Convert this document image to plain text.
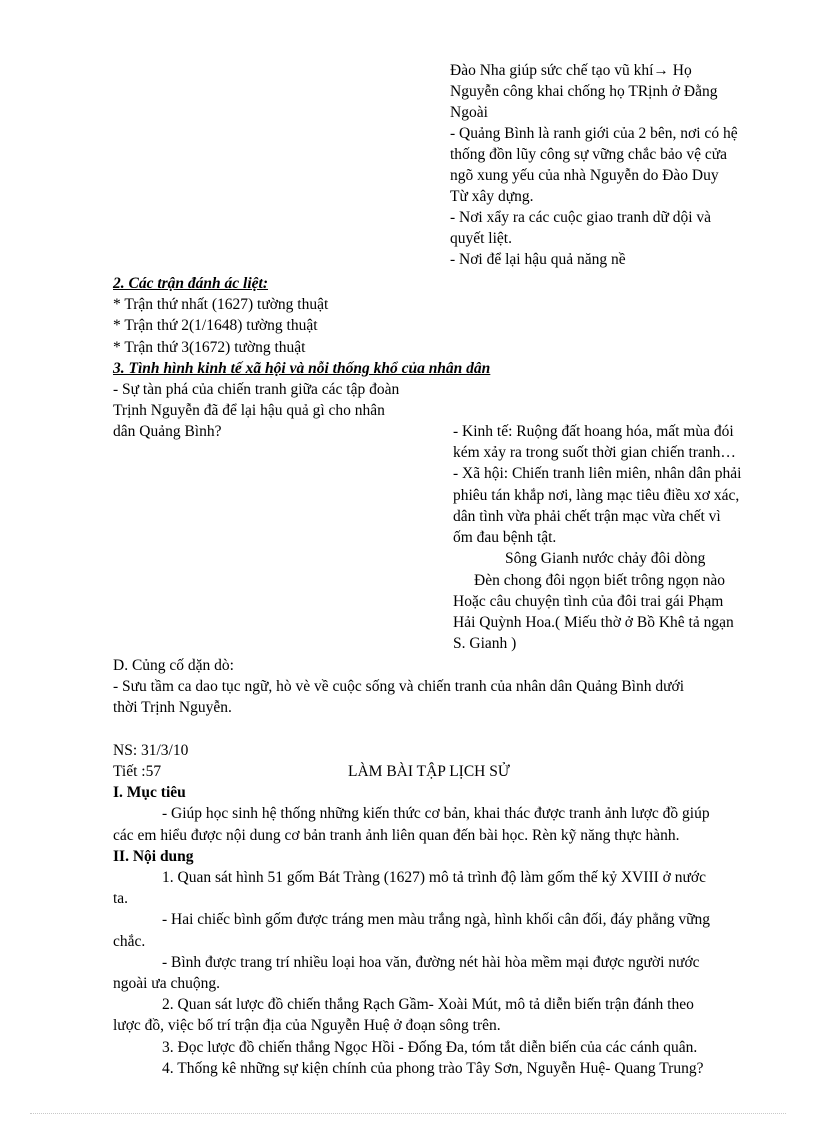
Đào Nha giúp sức chế tạo vũ khí→ Họ
Nguyễn công khai chống họ TRịnh ở Đằng
Ngoài
- Quảng Bình là ranh giới của 2 bên, nơi có hệ
thống đồn lũy công sự vững chắc bảo vệ cửa
ngõ xung yếu của nhà Nguyễn do Đào Duy
Từ xây dựng.
- Nơi xẩy ra các cuộc giao tranh dữ dội và
quyết liệt.
- Nơi để lại hậu quả năng nề
2. Các trận đánh ác liệt:
* Trận thứ nhất (1627) tường thuật
* Trận thứ 2(1/1648) tường thuật
* Trận thứ 3(1672) tường thuật
3. Tình hình kinh tế xã hội và nỗi thống khổ của nhân dân
- Sự tàn phá của chiến tranh giữa các tập đoàn
Trịnh Nguyễn đã để lại hậu quả gì cho nhân
dân Quảng Bình?	- Kinh tế: Ruộng đất hoang hóa, mất mùa đói
kém xảy ra trong suốt thời gian chiến tranh…
- Xã hội: Chiến tranh liên miên, nhân dân phải
phiêu tán khắp nơi, làng mạc tiêu điều xơ xác,
dân tình vừa phải chết trận mạc vừa chết vì
ốm đau bệnh tật.
Sông Gianh nước chảy đôi dòng
Đèn chong đôi ngọn biết trông ngọn nào
Hoặc câu chuyện tình của đôi trai gái Phạm
Hải Quỳnh Hoa.( Miếu thờ ở Bồ Khê tả ngạn
S. Gianh )
D. Củng cố dặn dò:
- Sưu tầm ca dao tục ngữ, hò vè về cuộc sống và chiến tranh của nhân dân Quảng Bình dưới
thời Trịnh Nguyễn.
NS: 31/3/10
Tiết :57	LÀM BÀI TẬP LỊCH SỬ
I. Mục tiêu
- Giúp học sinh hệ thống những kiến thức cơ bản, khai thác được tranh ảnh lược đồ giúp
các em hiểu được nội dung cơ bản tranh ảnh liên quan đến bài học. Rèn kỹ năng thực hành.
II. Nội dung
1. Quan sát hình 51 gốm Bát Tràng (1627) mô tả trình độ làm gốm thế kỷ XVIII ở nước
ta.
- Hai chiếc bình gốm được tráng men màu trắng ngà, hình khối cân đối, đáy phẳng vững
chắc.
- Bình được trang trí nhiều loại hoa văn, đường nét hài hòa mềm mại được người nước
ngoài ưa chuộng.
2. Quan sát lược đồ chiến thắng Rạch Gầm- Xoài Mút, mô tả diễn biến trận đánh theo
lược đồ, việc bố trí trận địa của Nguyễn Huệ ở đoạn sông trên.
3. Đọc lược đồ chiến thắng Ngọc Hồi - Đống Đa, tóm tắt diễn biến của các cánh quân.
4. Thống kê những sự kiện chính của phong trào Tây Sơn, Nguyễn Huệ- Quang Trung?
